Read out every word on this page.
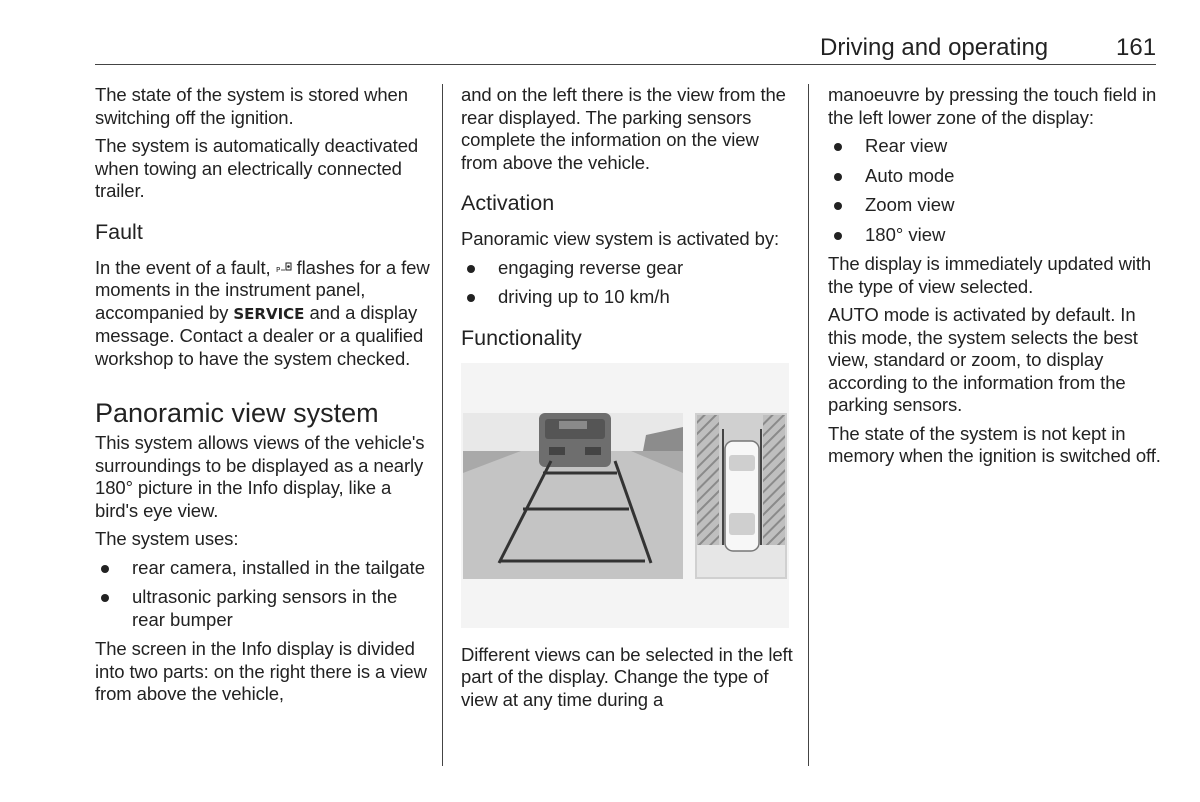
Driving and operating	161

The state of the system is stored when switching off the ignition.

The system is automatically deactivated when towing an electrically connected trailer.

Fault

In the event of a fault, P flashes for a few moments in the instrument panel, accompanied by SERVICE and a display message. Contact a dealer or a qualified workshop to have the system checked.

Panoramic view system

This system allows views of the vehicle's surroundings to be displayed as a nearly 180° picture in the Info display, like a bird's eye view.

The system uses:

rear camera, installed in the tailgate
ultrasonic parking sensors in the rear bumper

The screen in the Info display is divided into two parts: on the right there is a view from above the vehicle,

and on the left there is the view from the rear displayed. The parking sensors complete the information on the view from above the vehicle.

Activation

Panoramic view system is activated by:

engaging reverse gear
driving up to 10 km/h
Functionality

Different views can be selected in the left part of the display. Change the type of view at any time during a

manoeuvre by pressing the touch field in the left lower zone of the display:

Rear view
Auto mode
Zoom view
180° view

The display is immediately updated with the type of view selected.

AUTO mode is activated by default. In this mode, the system selects the best view, standard or zoom, to display according to the information from the parking sensors.

The state of the system is not kept in memory when the ignition is switched off.
